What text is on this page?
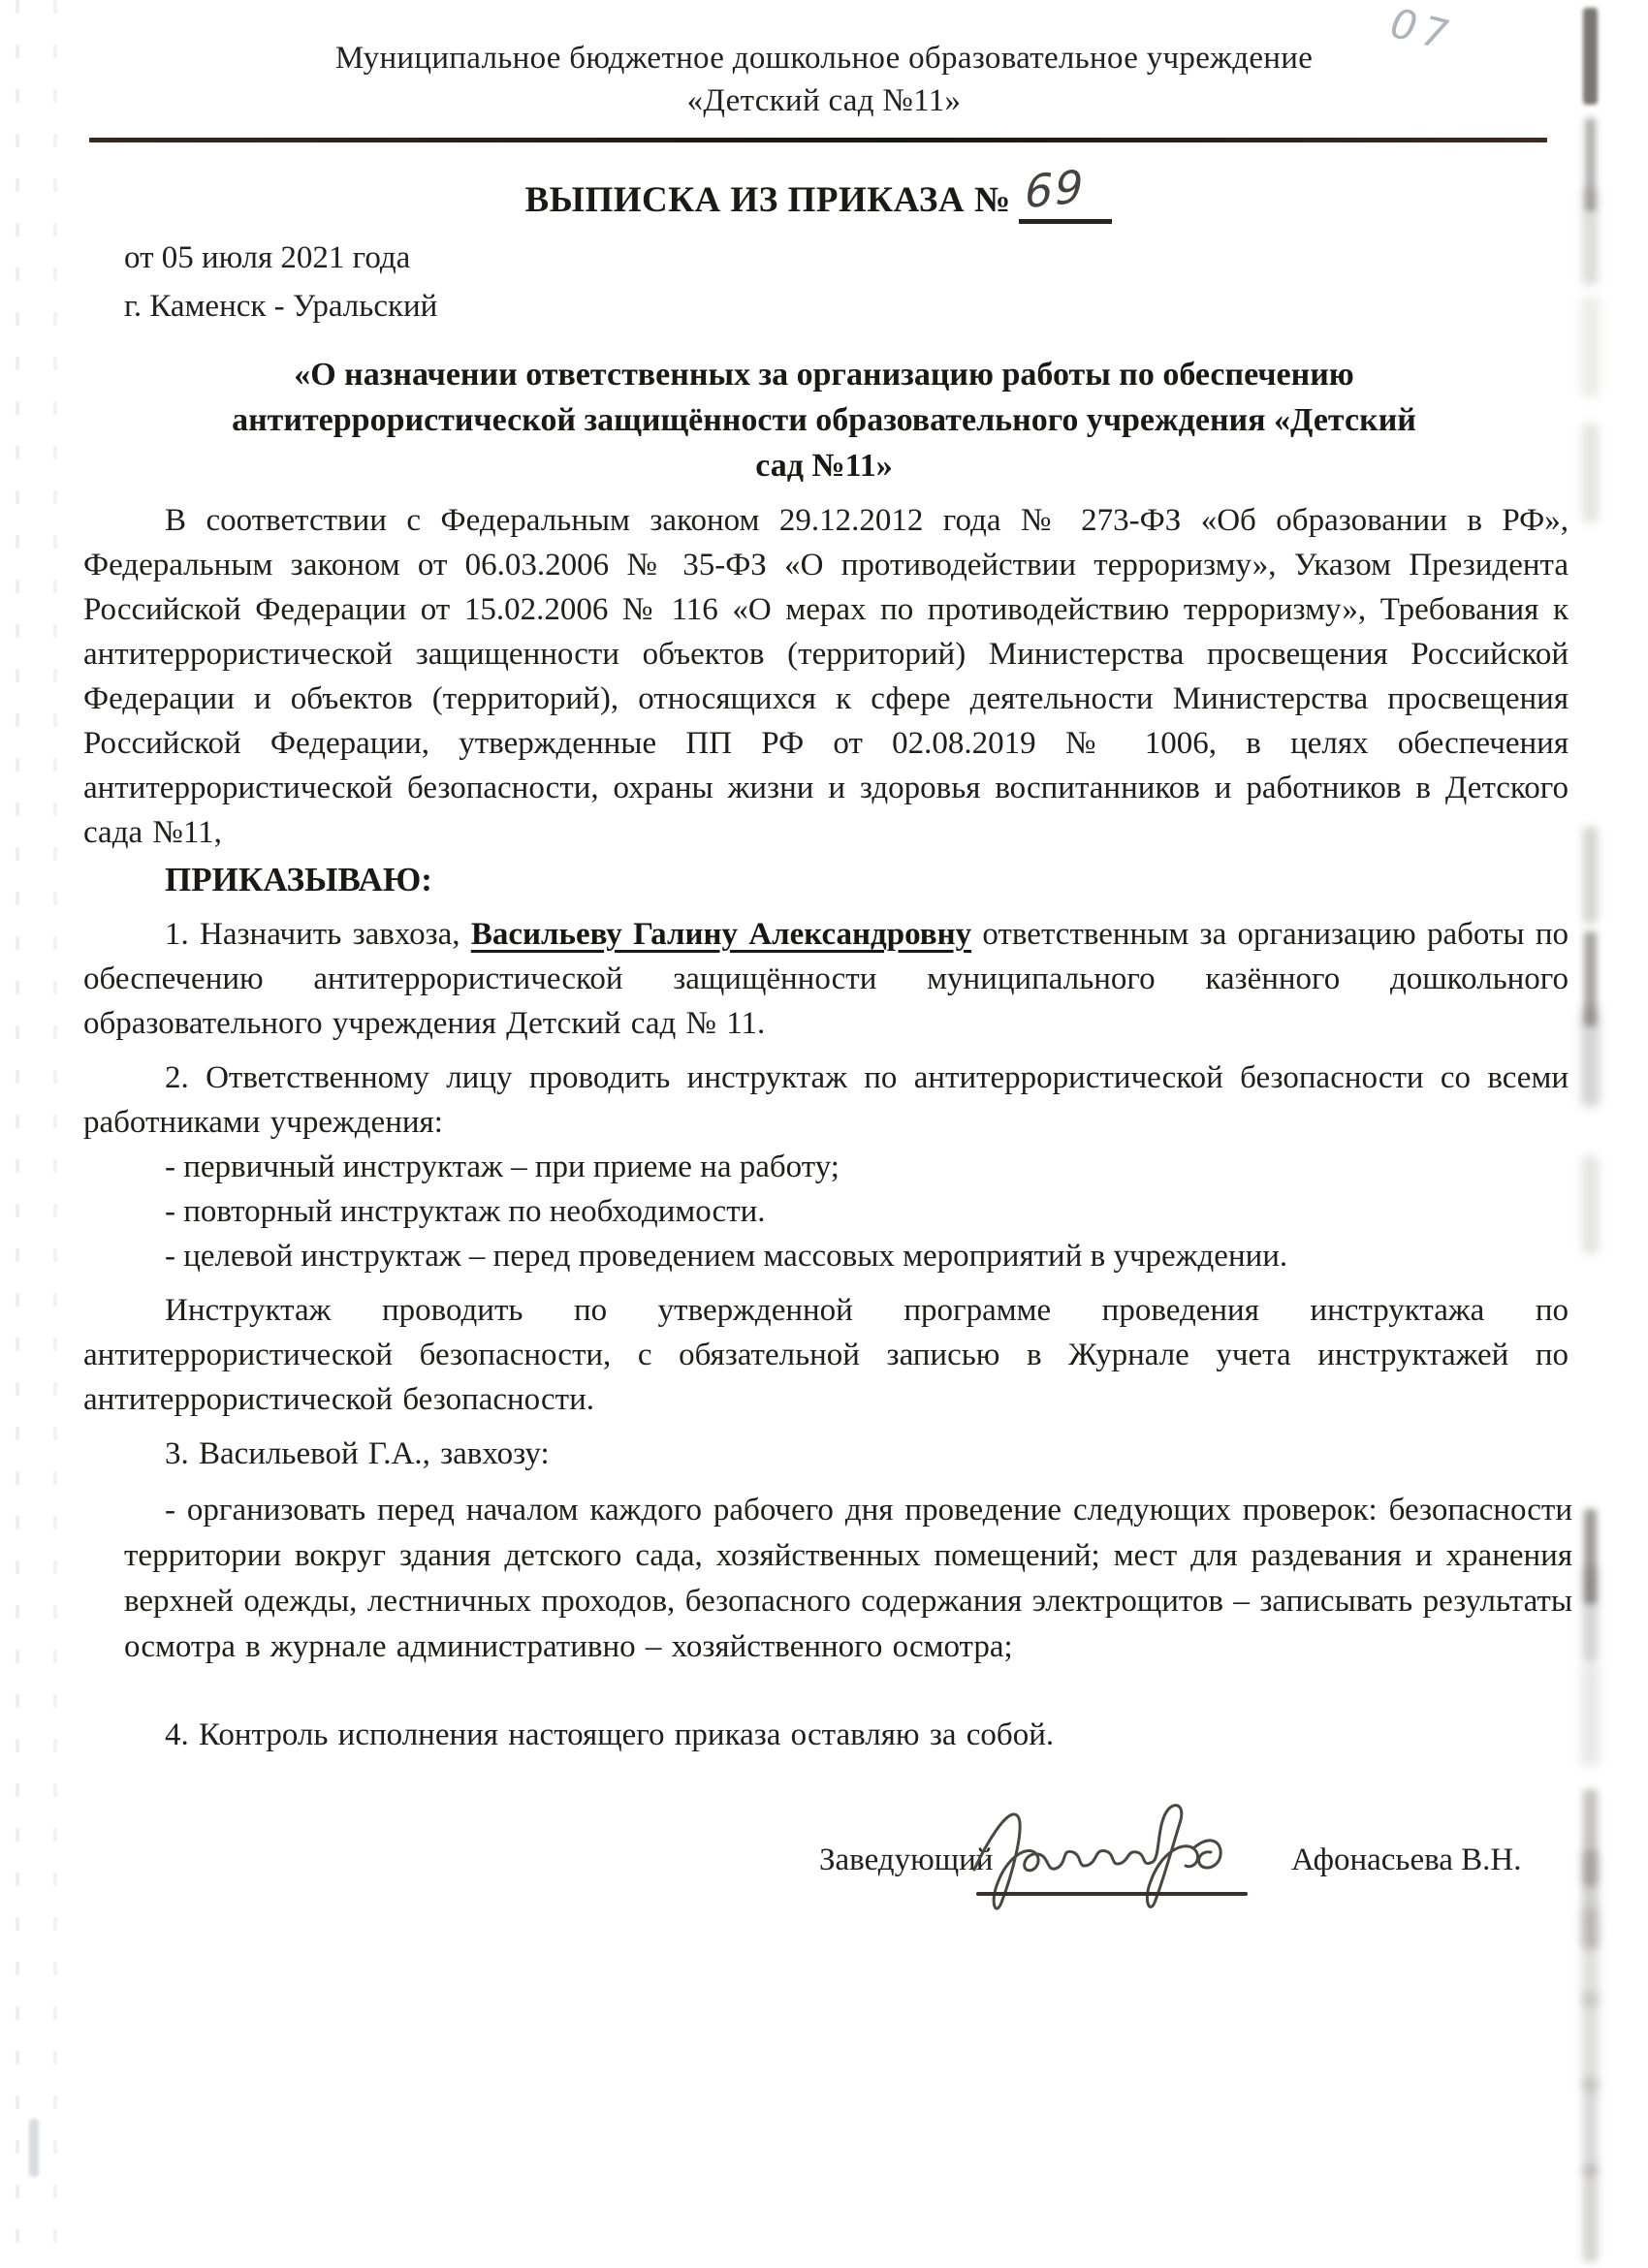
07
Муниципальное бюджетное дошкольное образовательное учреждение
«Детский сад №11»
ВЫПИСКА ИЗ ПРИКАЗА № 69
от 05 июля 2021 года
г. Каменск - Уральский
«О назначении ответственных за организацию работы по обеспечению антитеррористической защищённости образовательного учреждения «Детский сад №11»
В соответствии с Федеральным законом 29.12.2012 года № 273-ФЗ «Об образовании в РФ», Федеральным законом от 06.03.2006 № 35-ФЗ «О противодействии терроризму», Указом Президента Российской Федерации от 15.02.2006 № 116 «О мерах по противодействию терроризму», Требования к антитеррористической защищенности объектов (территорий) Министерства просвещения Российской Федерации и объектов (территорий), относящихся к сфере деятельности Министерства просвещения Российской Федерации, утвержденные ПП РФ от 02.08.2019 № 1006, в целях обеспечения антитеррористической безопасности, охраны жизни и здоровья воспитанников и работников в Детского сада №11,
ПРИКАЗЫВАЮ:
1. Назначить завхоза, Васильеву Галину Александровну ответственным за организацию работы по обеспечению антитеррористической защищённости муниципального казённого дошкольного образовательного учреждения Детский сад № 11.
2. Ответственному лицу проводить инструктаж по антитеррористической безопасности со всеми работниками учреждения:
- первичный инструктаж – при приеме на работу;
- повторный инструктаж по необходимости.
- целевой инструктаж – перед проведением массовых мероприятий в учреждении.
Инструктаж проводить по утвержденной программе проведения инструктажа по антитеррористической безопасности, с обязательной записью в Журнале учета инструктажей по антитеррористической безопасности.
3. Васильевой Г.А., завхозу:
- организовать перед началом каждого рабочего дня проведение следующих проверок: безопасности территории вокруг здания детского сада, хозяйственных помещений; мест для раздевания и хранения верхней одежды, лестничных проходов, безопасного содержания электрощитов – записывать результаты осмотра в журнале административно – хозяйственного осмотра;
4. Контроль исполнения настоящего приказа оставляю за собой.
Заведующий	Афонасьева В.Н.
